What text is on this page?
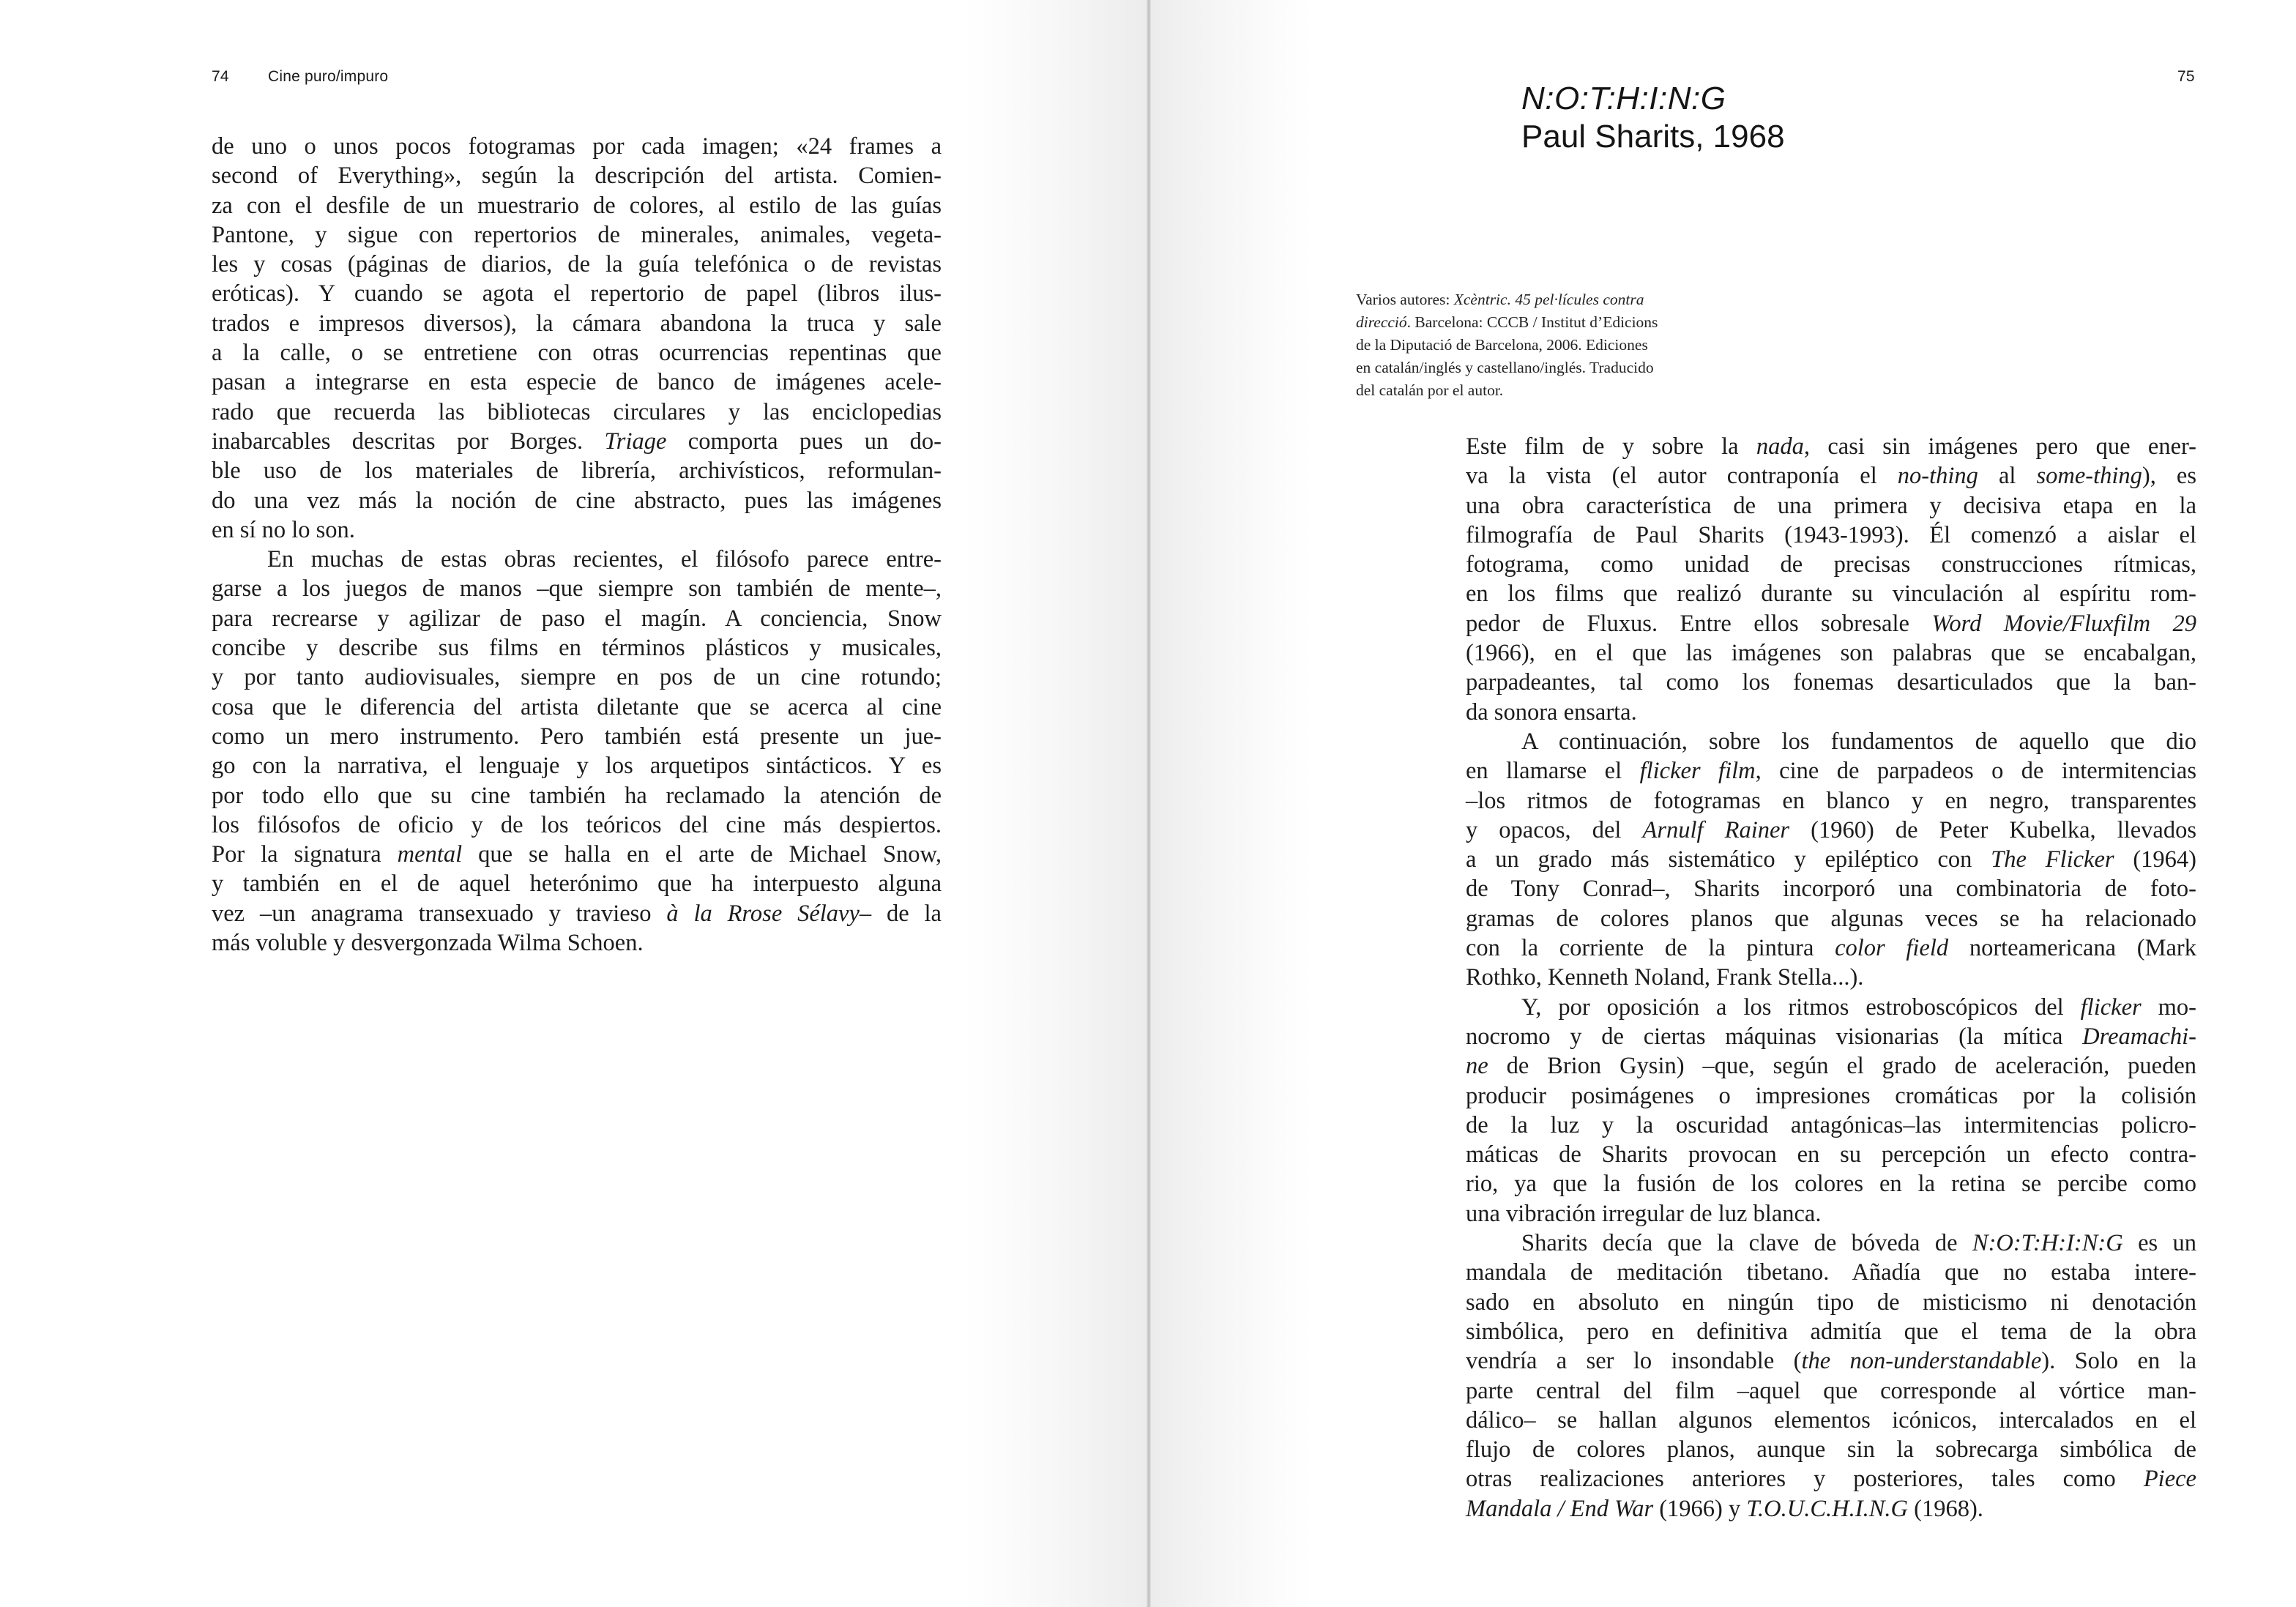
74	Cine puro/impuro
de uno o unos pocos fotogramas por cada imagen; «24 frames a
second of Everything», según la descripción del artista. Comien-
za con el desfile de un muestrario de colores, al estilo de las guías
Pantone, y sigue con repertorios de minerales, animales, vegeta-
les y cosas (páginas de diarios, de la guía telefónica o de revistas
eróticas). Y cuando se agota el repertorio de papel (libros ilus-
trados e impresos diversos), la cámara abandona la truca y sale
a la calle, o se entretiene con otras ocurrencias repentinas que
pasan a integrarse en esta especie de banco de imágenes acele-
rado que recuerda las bibliotecas circulares y las enciclopedias
inabarcables descritas por Borges. Triage comporta pues un do-
ble uso de los materiales de librería, archivísticos, reformulan-
do una vez más la noción de cine abstracto, pues las imágenes
en sí no lo son.
En muchas de estas obras recientes, el filósofo parece entre-
garse a los juegos de manos –que siempre son también de mente–,
para recrearse y agilizar de paso el magín. A conciencia, Snow
concibe y describe sus films en términos plásticos y musicales,
y por tanto audiovisuales, siempre en pos de un cine rotundo;
cosa que le diferencia del artista diletante que se acerca al cine
como un mero instrumento. Pero también está presente un jue-
go con la narrativa, el lenguaje y los arquetipos sintácticos. Y es
por todo ello que su cine también ha reclamado la atención de
los filósofos de oficio y de los teóricos del cine más despiertos.
Por la signatura mental que se halla en el arte de Michael Snow,
y también en el de aquel heterónimo que ha interpuesto alguna
vez –un anagrama transexuado y travieso à la Rrose Sélavy– de la
más voluble y desvergonzada Wilma Schoen.
75
N:O:T:H:I:N:G
Paul Sharits, 1968
Varios autores: Xcèntric. 45 pel·lícules contra
direcció. Barcelona: CCCB / Institut d’Edicions
de la Diputació de Barcelona, 2006. Ediciones
en catalán/inglés y castellano/inglés. Traducido
del catalán por el autor.
Este film de y sobre la nada, casi sin imágenes pero que ener-
va la vista (el autor contraponía el no-thing al some-thing), es
una obra característica de una primera y decisiva etapa en la
filmografía de Paul Sharits (1943-1993). Él comenzó a aislar el
fotograma, como unidad de precisas construcciones rítmicas,
en los films que realizó durante su vinculación al espíritu rom-
pedor de Fluxus. Entre ellos sobresale Word Movie/Fluxfilm 29
(1966), en el que las imágenes son palabras que se encabalgan,
parpadeantes, tal como los fonemas desarticulados que la ban-
da sonora ensarta.
A continuación, sobre los fundamentos de aquello que dio
en llamarse el flicker film, cine de parpadeos o de intermitencias
–los ritmos de fotogramas en blanco y en negro, transparentes
y opacos, del Arnulf Rainer (1960) de Peter Kubelka, llevados
a un grado más sistemático y epiléptico con The Flicker (1964)
de Tony Conrad–, Sharits incorporó una combinatoria de foto-
gramas de colores planos que algunas veces se ha relacionado
con la corriente de la pintura color field norteamericana (Mark
Rothko, Kenneth Noland, Frank Stella...).
Y, por oposición a los ritmos estroboscópicos del flicker mo-
nocromo y de ciertas máquinas visionarias (la mítica Dreamachi-
ne de Brion Gysin) –que, según el grado de aceleración, pueden
producir posimágenes o impresiones cromáticas por la colisión
de la luz y la oscuridad antagónicas–las intermitencias policro-
máticas de Sharits provocan en su percepción un efecto contra-
rio, ya que la fusión de los colores en la retina se percibe como
una vibración irregular de luz blanca.
Sharits decía que la clave de bóveda de N:O:T:H:I:N:G es un
mandala de meditación tibetano. Añadía que no estaba intere-
sado en absoluto en ningún tipo de misticismo ni denotación
simbólica, pero en definitiva admitía que el tema de la obra
vendría a ser lo insondable (the non-understandable). Solo en la
parte central del film –aquel que corresponde al vórtice man-
dálico– se hallan algunos elementos icónicos, intercalados en el
flujo de colores planos, aunque sin la sobrecarga simbólica de
otras realizaciones anteriores y posteriores, tales como Piece
Mandala / End War (1966) y T.O.U.C.H.I.N.G (1968).
